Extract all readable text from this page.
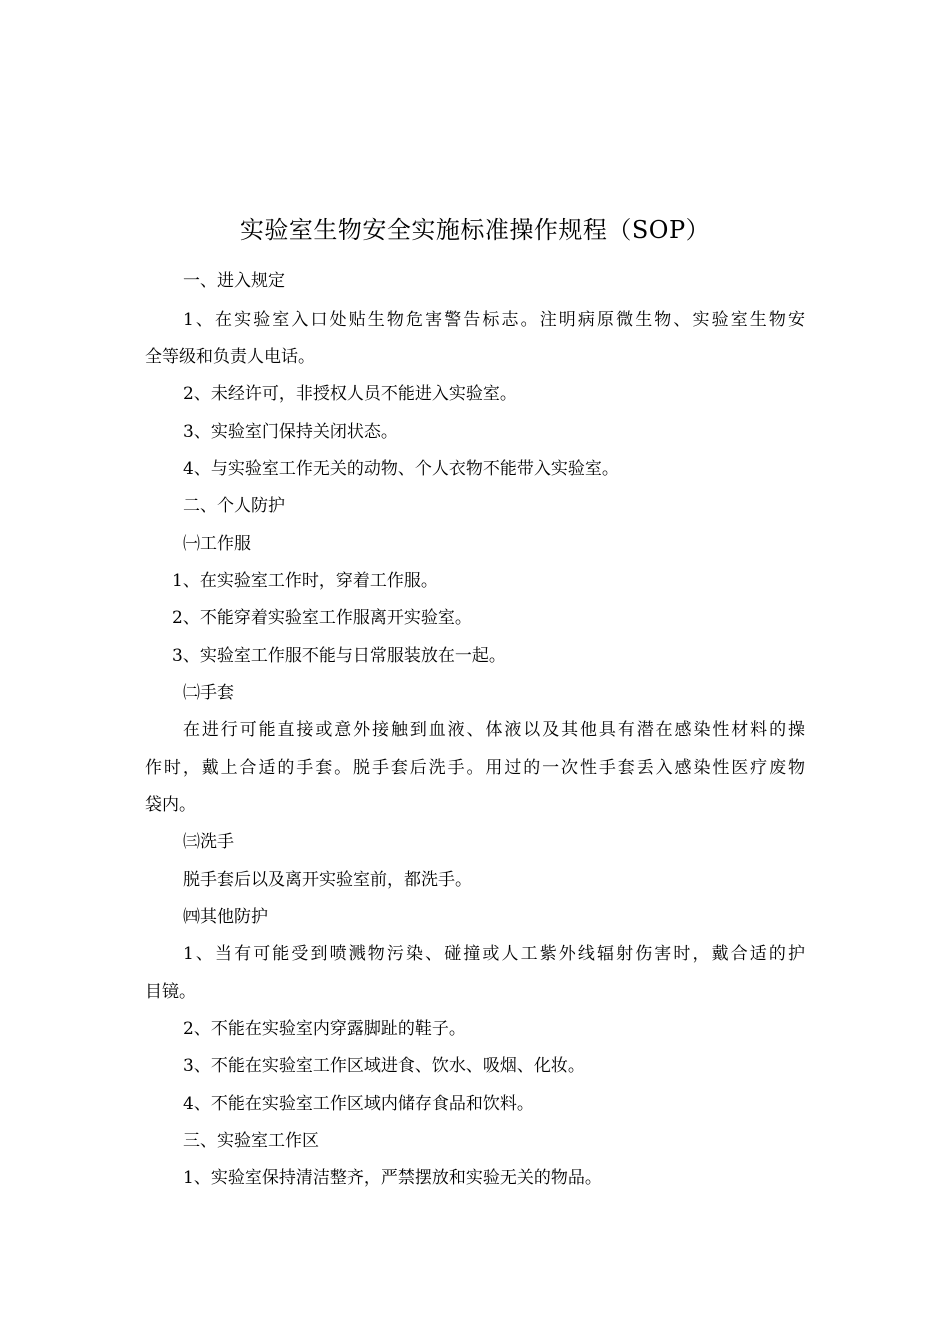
实验室生物安全实施标准操作规程（SOP）
一、进入规定
1、在实验室入口处贴生物危害警告标志。注明病原微生物、实验室生物安
全等级和负责人电话。
2、未经许可，非授权人员不能进入实验室。
3、实验室门保持关闭状态。
4、与实验室工作无关的动物、个人衣物不能带入实验室。
二、个人防护
㈠工作服
1、在实验室工作时，穿着工作服。
2、不能穿着实验室工作服离开实验室。
3、实验室工作服不能与日常服装放在一起。
㈡手套
在进行可能直接或意外接触到血液、体液以及其他具有潜在感染性材料的操
作时，戴上合适的手套。脱手套后洗手。用过的一次性手套丢入感染性医疗废物
袋内。
㈢洗手
脱手套后以及离开实验室前，都洗手。
㈣其他防护
1、当有可能受到喷溅物污染、碰撞或人工紫外线辐射伤害时，戴合适的护
目镜。
2、不能在实验室内穿露脚趾的鞋子。
3、不能在实验室工作区域进食、饮水、吸烟、化妆。
4、不能在实验室工作区域内储存食品和饮料。
三、实验室工作区
1、实验室保持清洁整齐，严禁摆放和实验无关的物品。
